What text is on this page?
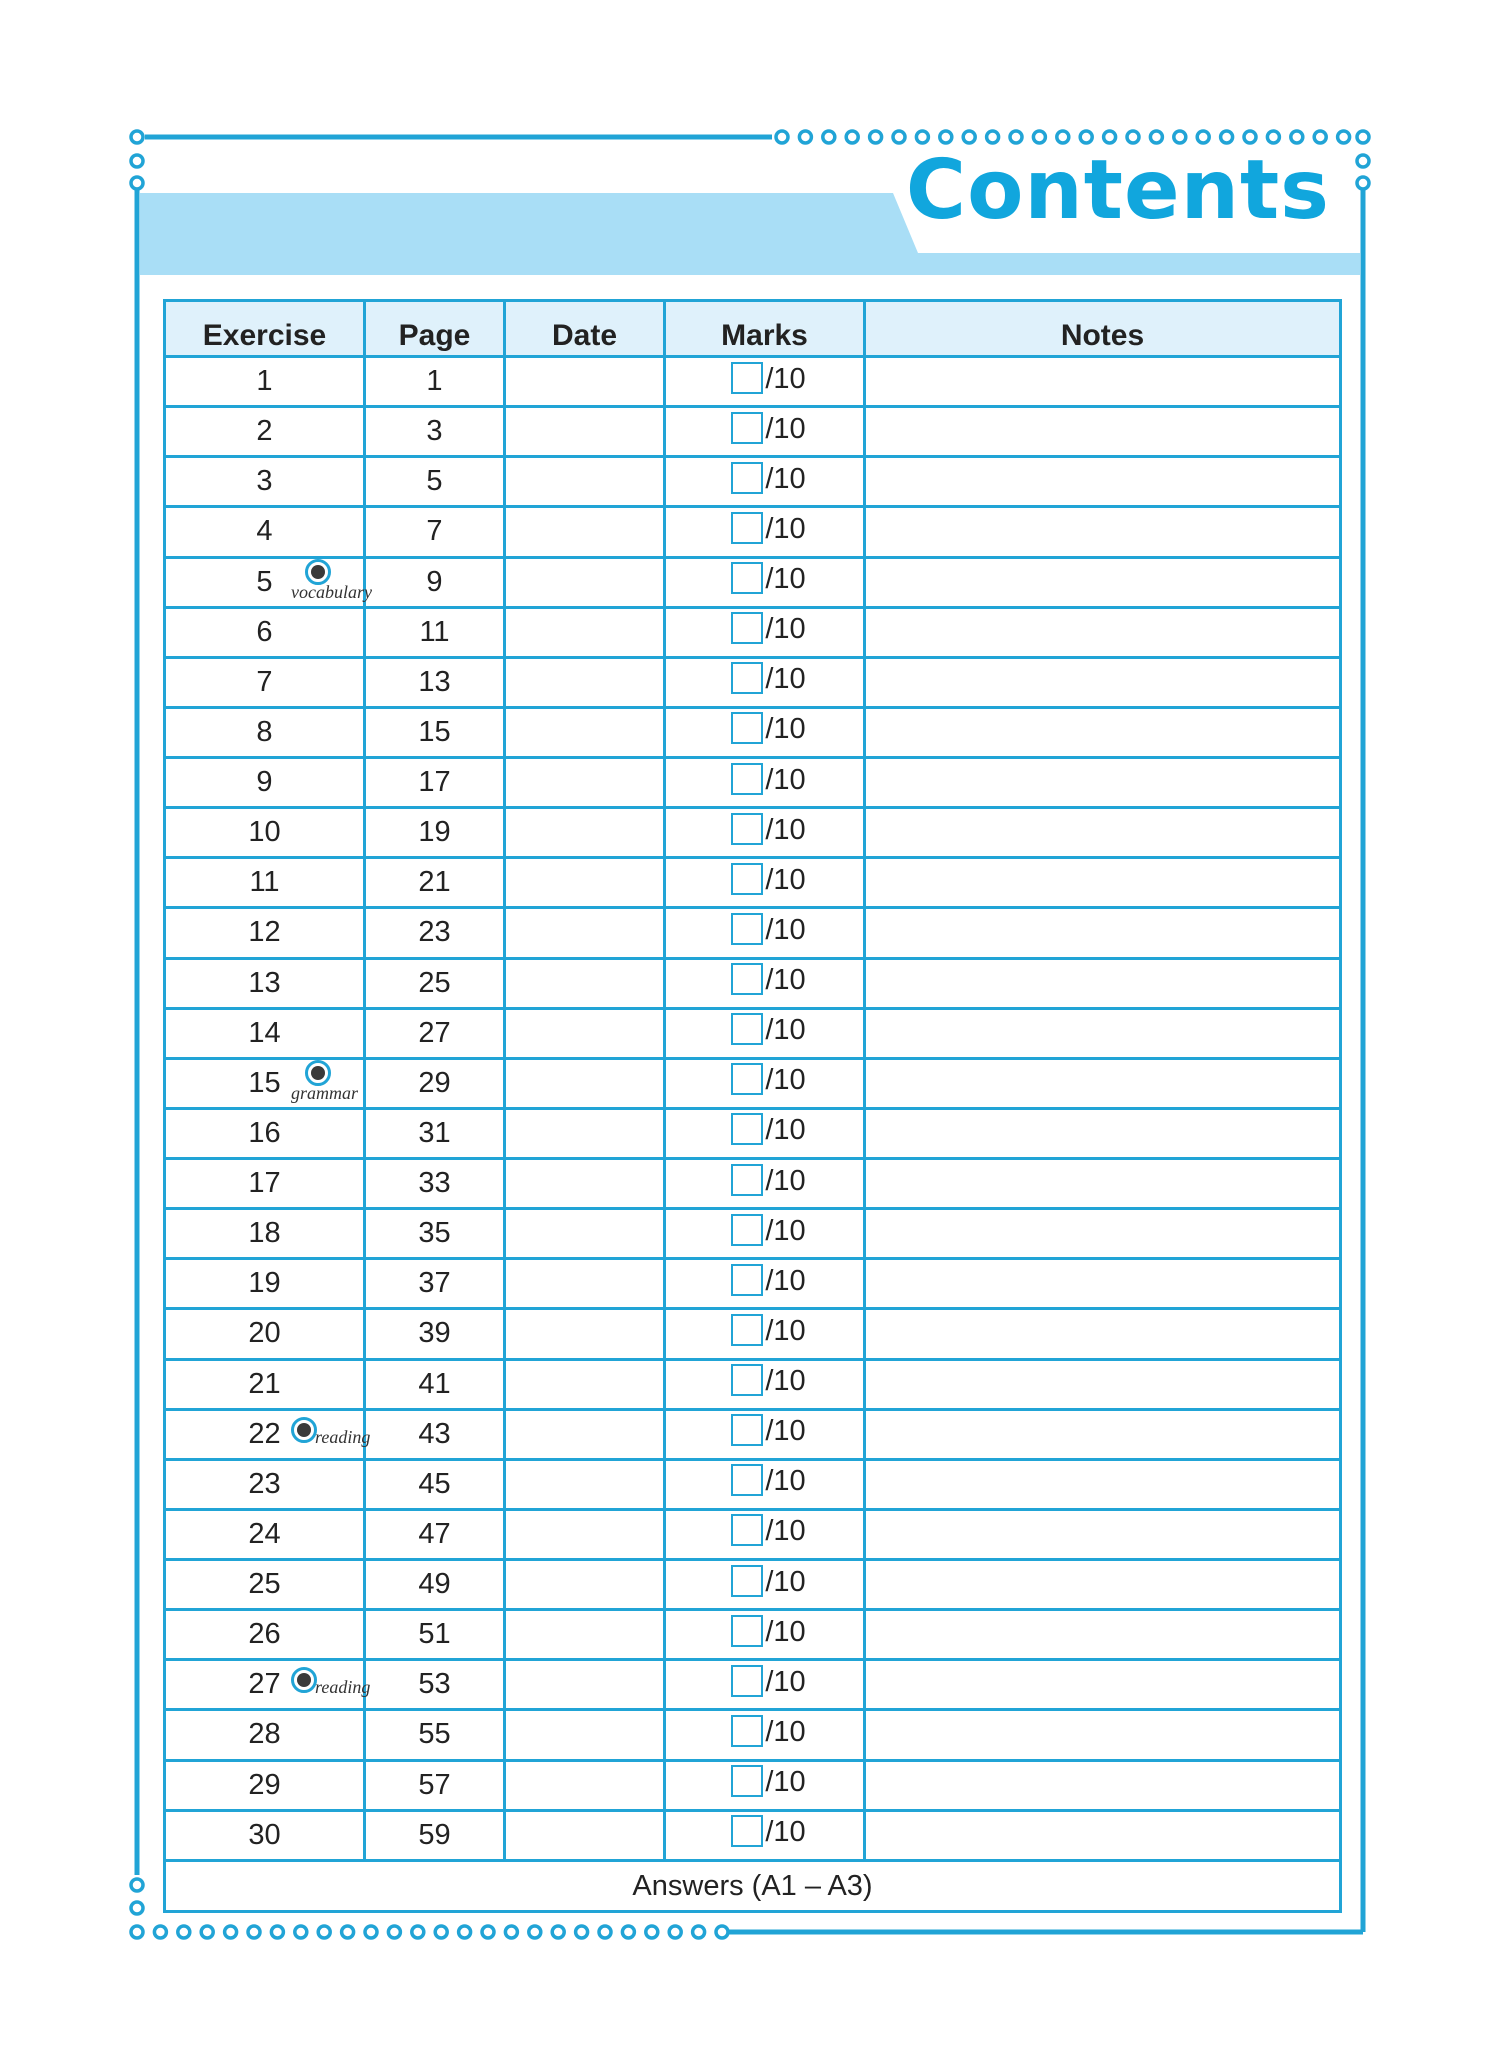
Contents
Exercise	Page	Date	Marks	Notes
1	1		/10	

2	3		/10	

3	5		/10	

4	7		/10	

5 vocabulary	9		/10	

6	11		/10	

7	13		/10	

8	15		/10	

9	17		/10	

10	19		/10	

11	21		/10	

12	23		/10	

13	25		/10	

14	27		/10	

15 grammar	29		/10	

16	31		/10	

17	33		/10	

18	35		/10	

19	37		/10	

20	39		/10	

21	41		/10	

22 reading	43		/10	

23	45		/10	

24	47		/10	

25	49		/10	

26	51		/10	

27 reading	53		/10	

28	55		/10	

29	57		/10	

30	59		/10	

Answers (A1 – A3)				
